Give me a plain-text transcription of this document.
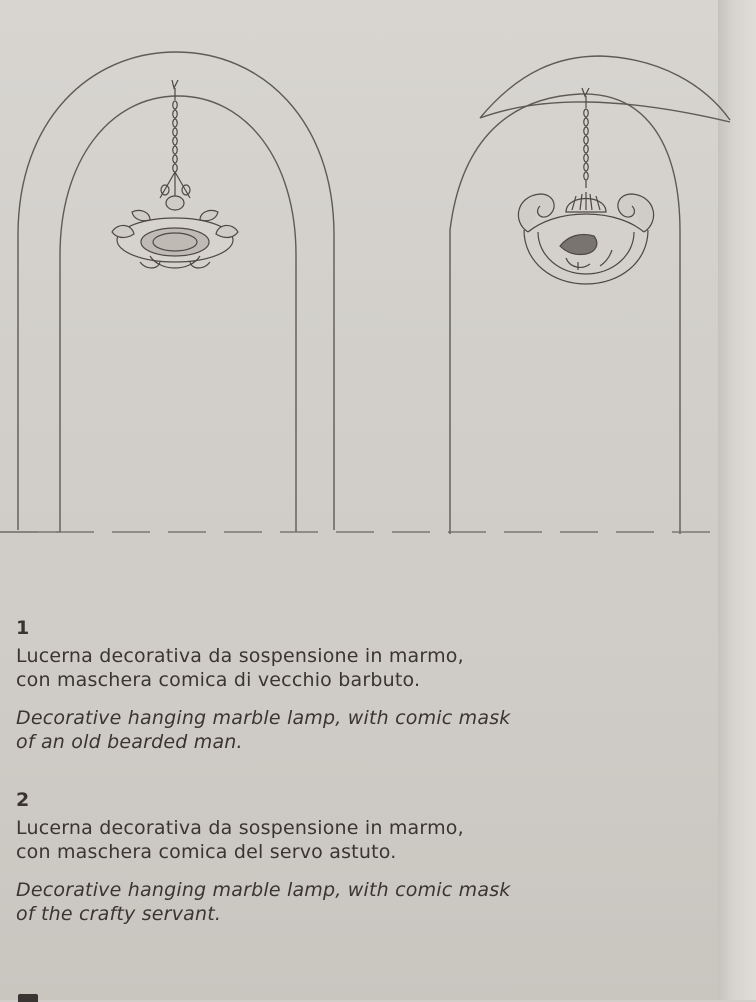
1

Lucerna decorativa da sospensione in marmo,
con maschera comica di vecchio barbuto.

Decorative hanging marble lamp, with comic mask
of an old bearded man.

2

Lucerna decorativa da sospensione in marmo,
con maschera comica del servo astuto.

Decorative hanging marble lamp, with comic mask
of the crafty servant.
